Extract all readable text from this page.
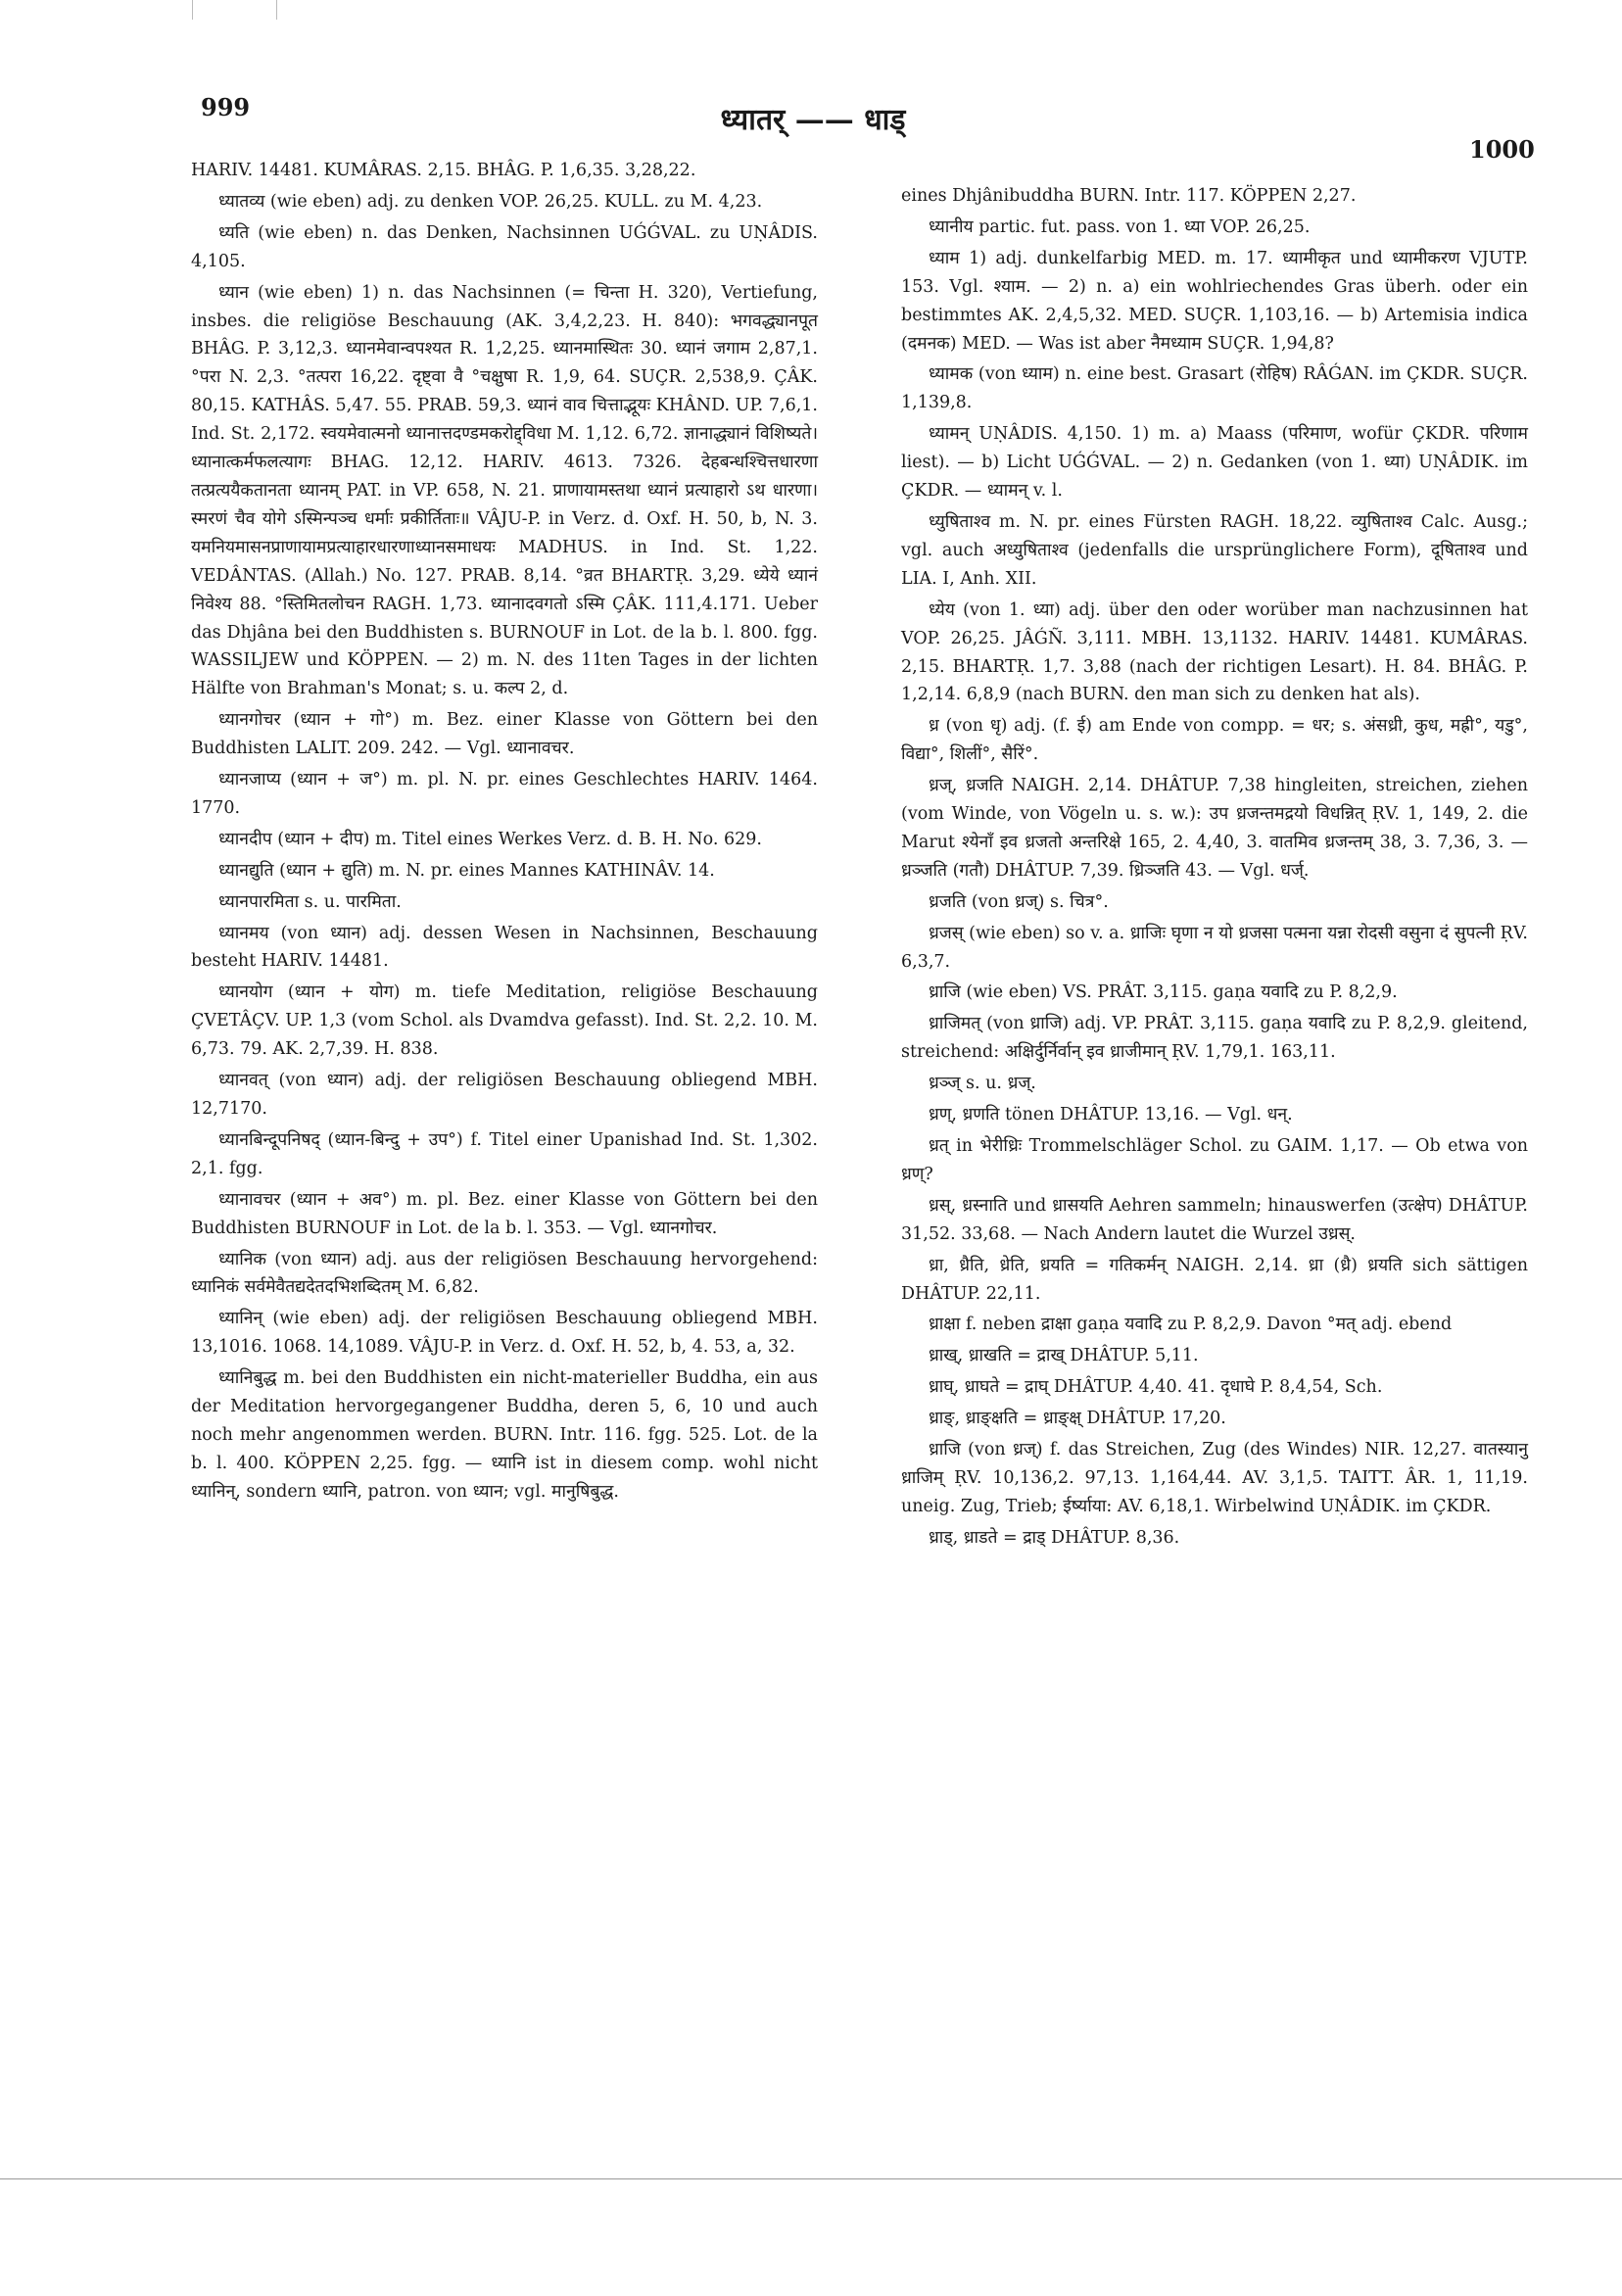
999	ध्यातर् —— धाड्
1000

HARIV. 14481. KUMÂRAS. 2,15. BHÂG. P. 1,6,35. 3,28,22.

ध्यातव्य (wie eben) adj. zu denken VOP. 26,25. KULL. zu M. 4,23.

ध्यति (wie eben) n. das Denken, Nachsinnen UǴǴVAL. zu UṆÂDIS. 4,105.

ध्यान (wie eben) 1) n. das Nachsinnen (= चिन्ता H. 320), Vertiefung, insbes. die religiöse Beschauung (AK. 3,4,2,23. H. 840): भगवद्ध्यानपूत BHÂG. P. 3,12,3. ध्यानमेवान्वपश्यत R. 1,2,25. ध्यानमास्थितः 30. ध्यानं जगाम 2,87,1. °परा N. 2,3. °तत्परा 16,22. दृष्ट्वा वै °चक्षुषा R. 1,9, 64. SUÇR. 2,538,9. ÇÂK. 80,15. KATHÂS. 5,47. 55. PRAB. 59,3. ध्यानं वाव चित्ताद्भूयः KHÂND. UP. 7,6,1. Ind. St. 2,172. स्वयमेवात्मनो ध्यानात्तदण्डमकरोद्द्विधा M. 1,12. 6,72. ज्ञानाद्ध्यानं विशिष्यते। ध्यानात्कर्मफलत्यागः BHAG. 12,12. HARIV. 4613. 7326. देहबन्धश्चित्तधारणा तत्प्रत्ययैकतानता ध्यानम् PAT. in VP. 658, N. 21. प्राणायामस्तथा ध्यानं प्रत्याहारो ऽथ धारणा। स्मरणं चैव योगे ऽस्मिन्पञ्च धर्माः प्रकीर्तिताः॥ VÂJU-P. in Verz. d. Oxf. H. 50, b, N. 3. यमनियमासनप्राणायामप्रत्याहारधारणाध्यानसमाधयः MADHUS. in Ind. St. 1,22. VEDÂNTAS. (Allah.) No. 127. PRAB. 8,14. °व्रत BHARTṚ. 3,29. ध्येये ध्यानं निवेश्य 88. °स्तिमितलोचन RAGH. 1,73. ध्यानादवगतो ऽस्मि ÇÂK. 111,4.171. Ueber das Dhjâna bei den Buddhisten s. BURNOUF in Lot. de la b. l. 800. fgg. WASSILJEW und KÖPPEN. — 2) m. N. des 11ten Tages in der lichten Hälfte von Brahman's Monat; s. u. कल्प 2, d.

ध्यानगोचर (ध्यान + गो°) m. Bez. einer Klasse von Göttern bei den Buddhisten LALIT. 209. 242. — Vgl. ध्यानावचर.

ध्यानजाप्य (ध्यान + ज°) m. pl. N. pr. eines Geschlechtes HARIV. 1464. 1770.

ध्यानदीप (ध्यान + दीप) m. Titel eines Werkes Verz. d. B. H. No. 629.

ध्यानद्युति (ध्यान + द्युति) m. N. pr. eines Mannes KATHINÂV. 14.

ध्यानपारमिता s. u. पारमिता.

ध्यानमय (von ध्यान) adj. dessen Wesen in Nachsinnen, Beschauung besteht HARIV. 14481.

ध्यानयोग (ध्यान + योग) m. tiefe Meditation, religiöse Beschauung ÇVETÂÇV. UP. 1,3 (vom Schol. als Dvamdva gefasst). Ind. St. 2,2. 10. M. 6,73. 79. AK. 2,7,39. H. 838.

ध्यानवत् (von ध्यान) adj. der religiösen Beschauung obliegend MBH. 12,7170.

ध्यानबिन्दूपनिषद् (ध्यान-बिन्दु + उप°) f. Titel einer Upanishad Ind. St. 1,302. 2,1. fgg.

ध्यानावचर (ध्यान + अव°) m. pl. Bez. einer Klasse von Göttern bei den Buddhisten BURNOUF in Lot. de la b. l. 353. — Vgl. ध्यानगोचर.

ध्यानिक (von ध्यान) adj. aus der religiösen Beschauung hervorgehend: ध्यानिकं सर्वमेवैतद्यदेतदभिशब्दितम् M. 6,82.

ध्यानिन् (wie eben) adj. der religiösen Beschauung obliegend MBH. 13,1016. 1068. 14,1089. VÂJU-P. in Verz. d. Oxf. H. 52, b, 4. 53, a, 32.

ध्यानिबुद्ध m. bei den Buddhisten ein nicht-materieller Buddha, ein aus der Meditation hervorgegangener Buddha, deren 5, 6, 10 und auch noch mehr angenommen werden. BURN. Intr. 116. fgg. 525. Lot. de la b. l. 400. KÖPPEN 2,25. fgg. — ध्यानि ist in diesem comp. wohl nicht ध्यानिन्, sondern ध्यानि, patron. von ध्यान; vgl. मानुषिबुद्ध.

eines Dhjânibuddha BURN. Intr. 117. KÖPPEN 2,27.

ध्यानीय partic. fut. pass. von 1. ध्या VOP. 26,25.

ध्याम 1) adj. dunkelfarbig MED. m. 17. ध्यामीकृत und ध्यामीकरण VJUTP. 153. Vgl. श्याम. — 2) n. a) ein wohlriechendes Gras überh. oder ein bestimmtes AK. 2,4,5,32. MED. SUÇR. 1,103,16. — b) Artemisia indica (दमनक) MED. — Was ist aber नैमध्याम SUÇR. 1,94,8?

ध्यामक (von ध्याम) n. eine best. Grasart (रोहिष) RÂǴAN. im ÇKDR. SUÇR. 1,139,8.

ध्यामन् UṆÂDIS. 4,150. 1) m. a) Maass (परिमाण, wofür ÇKDR. परिणाम liest). — b) Licht UǴǴVAL. — 2) n. Gedanken (von 1. ध्या) UṆÂDIK. im ÇKDR. — ध्यामन् v. l.

ध्युषिताश्व m. N. pr. eines Fürsten RAGH. 18,22. व्युषिताश्व Calc. Ausg.; vgl. auch अध्युषिताश्व (jedenfalls die ursprünglichere Form), दूषिताश्व und LIA. I, Anh. XII.

ध्येय (von 1. ध्या) adj. über den oder worüber man nachzusinnen hat VOP. 26,25. JÂǴÑ. 3,111. MBH. 13,1132. HARIV. 14481. KUMÂRAS. 2,15. BHARTṚ. 1,7. 3,88 (nach der richtigen Lesart). H. 84. BHÂG. P. 1,2,14. 6,8,9 (nach BURN. den man sich zu denken hat als).

ध्र (von धृ) adj. (f. ई) am Ende von compp. = धर; s. अंसध्री, कुध, मह्री°, यडु°, विद्या°, शिलीं°, सैरिं°.

ध्रज्, ध्रजति NAIGH. 2,14. DHÂTUP. 7,38 hingleiten, streichen, ziehen (vom Winde, von Vögeln u. s. w.): उप ध्रजन्तमद्रयो विधन्नित् ṚV. 1, 149, 2. die Marut श्येनाँ इव ध्रजतो अन्तरिक्षे 165, 2. 4,40, 3. वातमिव ध्रजन्तम् 38, 3. 7,36, 3. — ध्रञ्जति (गतौ) DHÂTUP. 7,39. ध्रिञ्जति 43. — Vgl. धर्ज्.

ध्रजति (von ध्रज्) s. चित्र°.

ध्रजस् (wie eben) so v. a. ध्राजिः घृणा न यो ध्रजसा पत्मना यन्ना रोदसी वसुना दं सुपत्नी ṚV. 6,3,7.

ध्राजि (wie eben) VS. PRÂT. 3,115. gaṇa यवादि zu P. 8,2,9.

ध्राजिमत् (von ध्राजि) adj. VP. PRÂT. 3,115. gaṇa यवादि zu P. 8,2,9. gleitend, streichend: अक्षिर्दुर्निर्वान् इव ध्राजीमान् ṚV. 1,79,1. 163,11.

ध्रञ्ज् s. u. ध्रज्.

ध्रण्, ध्रणति tönen DHÂTUP. 13,16. — Vgl. धन्.

ध्रत् in भेरीध्रिः Trommelschläger Schol. zu GAIM. 1,17. — Ob etwa von ध्रण्?

ध्रस्, ध्रस्नाति und ध्रासयति Aehren sammeln; hinauswerfen (उत्क्षेप) DHÂTUP. 31,52. 33,68. — Nach Andern lautet die Wurzel उध्रस्.

ध्रा, ध्रैति, ध्रेति, ध्रयति = गतिकर्मन् NAIGH. 2,14. ध्रा (ध्रै) ध्रयति sich sättigen DHÂTUP. 22,11.

ध्राक्षा f. neben द्राक्षा gaṇa यवादि zu P. 8,2,9. Davon °मत् adj. ebend

ध्राख्, ध्राखति = द्राख् DHÂTUP. 5,11.

ध्राघ्, ध्राघते = द्राघ् DHÂTUP. 4,40. 41. दृधाघे P. 8,4,54, Sch.

ध्राङ्, ध्राङ्क्षति = ध्राङ्क्ष् DHÂTUP. 17,20.

ध्राजि (von ध्रज्) f. das Streichen, Zug (des Windes) NIR. 12,27. वातस्यानु ध्राजिम् ṚV. 10,136,2. 97,13. 1,164,44. AV. 3,1,5. TAITT. ÂR. 1, 11,19. uneig. Zug, Trieb; ईर्ष्याया: AV. 6,18,1. Wirbelwind UṆÂDIK. im ÇKDR.

ध्राड्, ध्राडते = द्राड् DHÂTUP. 8,36.
